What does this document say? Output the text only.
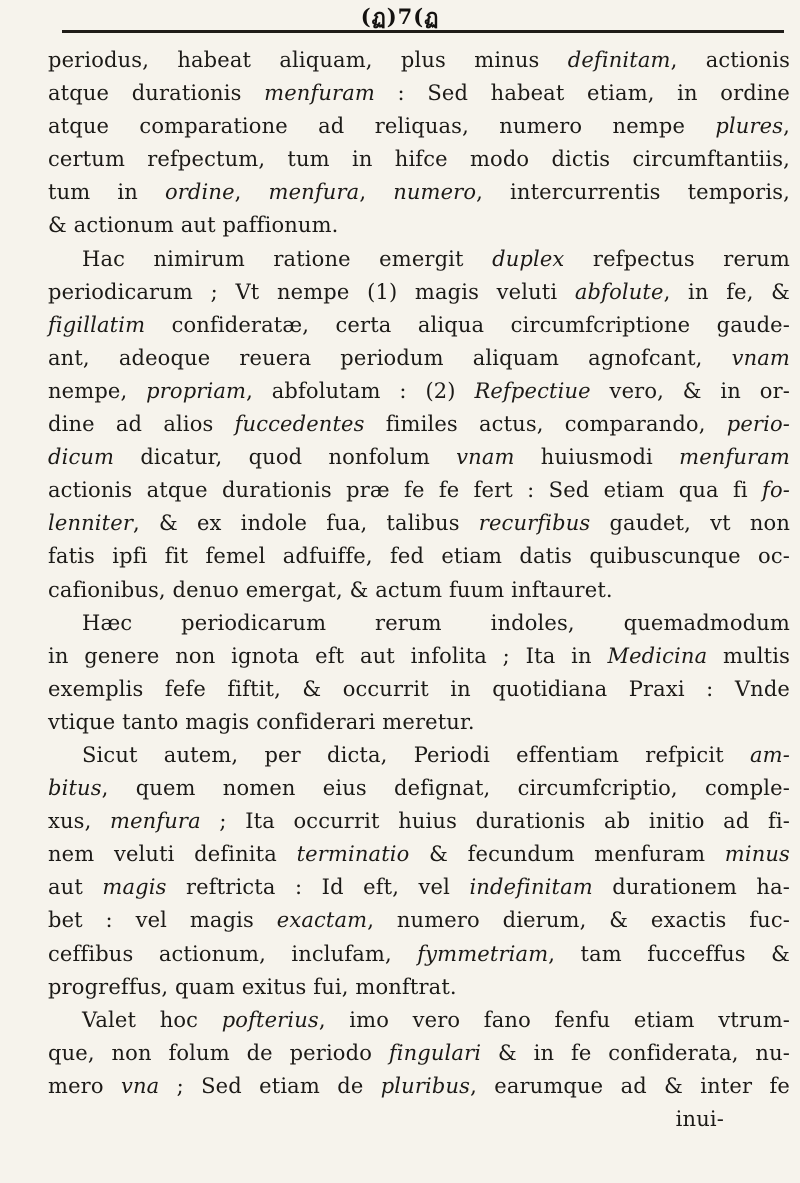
(ฏ)7(ฏ
periodus, habeat aliquam, plus minus definitam, actionis
atque durationis menfuram : Sed habeat etiam, in ordine
atque comparatione ad reliquas, numero nempe plures,
certum refpectum, tum in hifce modo dictis circumftantiis,
tum in ordine, menfura, numero, intercurrentis temporis,
& actionum aut paffionum.
Hac nimirum ratione emergit duplex refpectus rerum
periodicarum ; Vt nempe (1) magis veluti abfolute, in fe, &
figillatim confideratæ, certa aliqua circumfcriptione gaude-
ant, adeoque reuera periodum aliquam agnofcant, vnam
nempe, propriam, abfolutam : (2) Refpectiue vero, & in or-
dine ad alios fuccedentes fimiles actus, comparando, perio-
dicum dicatur, quod nonfolum vnam huiusmodi menfuram
actionis atque durationis præ fe fe fert : Sed etiam qua fi fo-
lenniter, & ex indole fua, talibus recurfibus gaudet, vt non
fatis ipfi fit femel adfuiffe, fed etiam datis quibuscunque oc-
cafionibus, denuo emergat, & actum fuum inftauret.
Hæc periodicarum rerum indoles, quemadmodum
in genere non ignota eft aut infolita ; Ita in Medicina multis
exemplis fefe fiftit, & occurrit in quotidiana Praxi : Vnde
vtique tanto magis confiderari meretur.
Sicut autem, per dicta, Periodi effentiam refpicit am-
bitus, quem nomen eius defignat, circumfcriptio, comple-
xus, menfura ; Ita occurrit huius durationis ab initio ad fi-
nem veluti definita terminatio & fecundum menfuram minus
aut magis reftricta : Id eft, vel indefinitam durationem ha-
bet : vel magis exactam, numero dierum, & exactis fuc-
ceffibus actionum, inclufam, fymmetriam, tam fucceffus &
progreffus, quam exitus fui, monftrat.
Valet hoc pofterius, imo vero fano fenfu etiam vtrum-
que, non folum de periodo fingulari & in fe confiderata, nu-
mero vna ; Sed etiam de pluribus, earumque ad & inter fe
inui-
